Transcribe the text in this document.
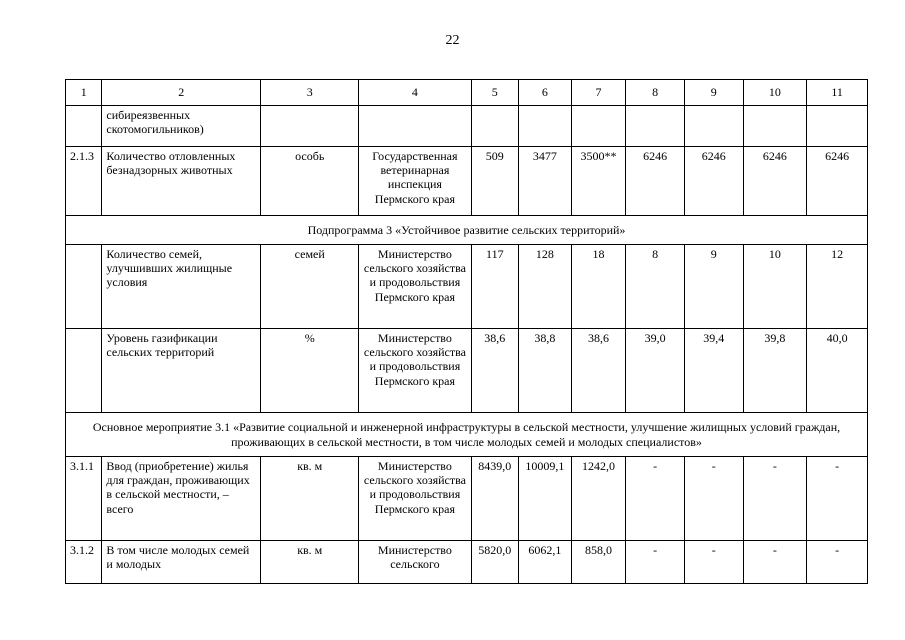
22
1	2	3	4	5	6	7	8	9	10	11
	сибиреязвенных скотомогильников)									
2.1.3	Количество отловленных безнадзорных животных	особь	Государственная ветеринарная инспекция Пермского края	509	3477	3500**	6246	6246	6246	6246
Подпрограмма 3 «Устойчивое развитие сельских территорий»										
	Количество семей, улучшивших жилищные условия	семей	Министерство сельского хозяйства и продовольствия Пермского края	117	128	18	8	9	10	12
	Уровень газификации сельских территорий	%	Министерство сельского хозяйства и продовольствия Пермского края	38,6	38,8	38,6	39,0	39,4	39,8	40,0
Основное мероприятие 3.1 «Развитие социальной и инженерной инфраструктуры в сельской местности, улучшение жилищных условий граждан, проживающих в сельской местности, в том числе молодых семей и молодых специалистов»										
3.1.1	Ввод (приобретение) жилья для граждан, проживающих в сельской местности, – всего	кв. м	Министерство сельского хозяйства и продовольствия Пермского края	8439,0	10009,1	1242,0	-	-	-	-
3.1.2	В том числе молодых семей и молодых	кв. м	Министерство сельского	5820,0	6062,1	858,0	-	-	-	-
